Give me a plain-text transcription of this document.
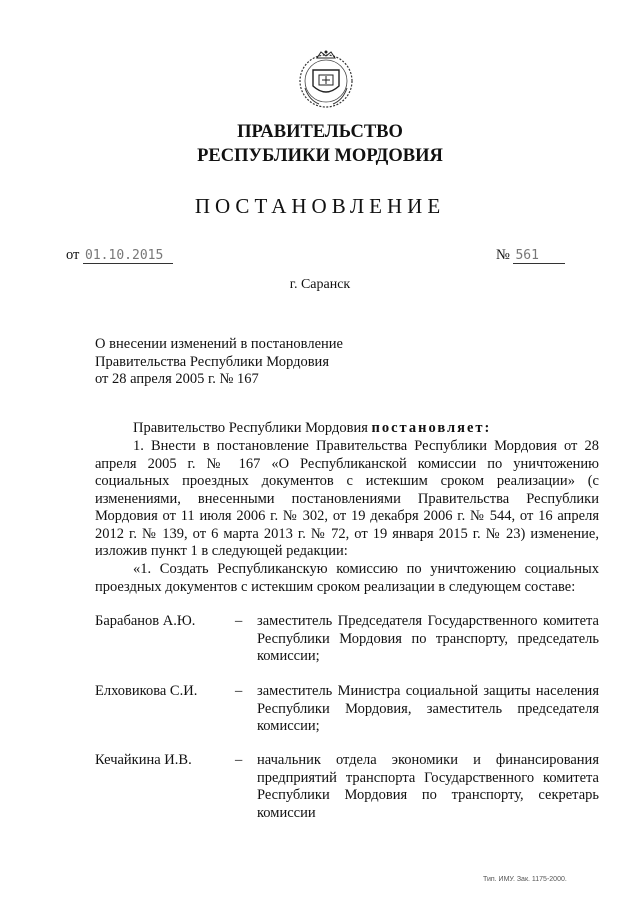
ПРАВИТЕЛЬСТВО
РЕСПУБЛИКИ МОРДОВИЯ
ПОСТАНОВЛЕНИЕ
от 01.10.2015	№ 561
г. Саранск
О внесении изменений в постановление
Правительства Республики Мордовия
от 28 апреля 2005 г. № 167
Правительство Республики Мордовия постановляет:
1. Внести в постановление Правительства Республики Мордовия от 28 апреля 2005 г. № 167 «О Республиканской комиссии по уничтожению социальных проездных документов с истекшим сроком реализации» (с изменениями, внесенными постановлениями Правительства Республики Мордовия от 11 июля 2006 г. № 302, от 19 декабря 2006 г. № 544, от 16 апреля 2012 г. № 139, от 6 марта 2013 г. № 72, от 19 января 2015 г. № 23) изменение, изложив пункт 1 в следующей редакции:
«1. Создать Республиканскую комиссию по уничтожению социальных проездных документов с истекшим сроком реализации в следующем составе:
Барабанов А.Ю.	– заместитель Председателя Государственного комитета Республики Мордовия по транспорту, председатель комиссии;
Елховикова С.И.	– заместитель Министра социальной защиты населения Республики Мордовия, заместитель председателя комиссии;
Кечайкина И.В.	– начальник отдела экономики и финансирования предприятий транспорта Государственного комитета Республики Мордовия по транспорту, секретарь комиссии
Тип. ИМУ. Зак. 1175-2000.
